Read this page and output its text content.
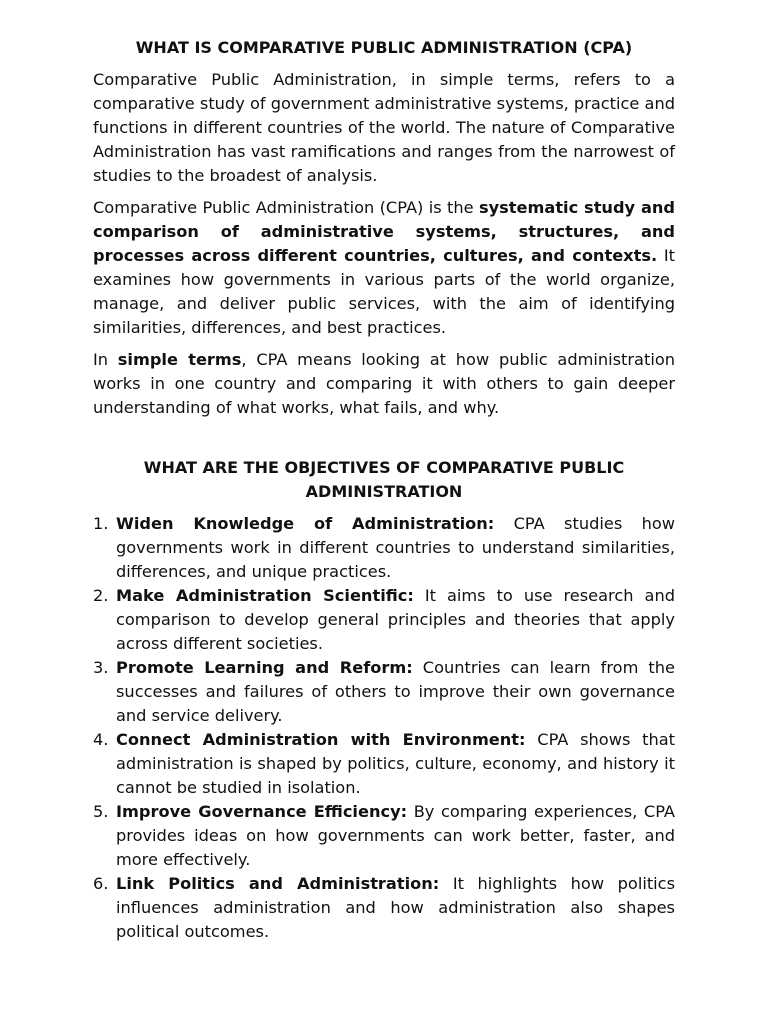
WHAT IS COMPARATIVE PUBLIC ADMINISTRATION (CPA)

Comparative Public Administration, in simple terms, refers to a comparative study of government administrative systems, practice and functions in different countries of the world. The nature of Comparative Administration has vast ramifications and ranges from the narrowest of studies to the broadest of analysis.

Comparative Public Administration (CPA) is the systematic study and comparison of administrative systems, structures, and processes across different countries, cultures, and contexts. It examines how governments in various parts of the world organize, manage, and deliver public services, with the aim of identifying similarities, differences, and best practices.

In simple terms, CPA means looking at how public administration works in one country and comparing it with others to gain deeper understanding of what works, what fails, and why.

WHAT ARE THE OBJECTIVES OF COMPARATIVE PUBLIC ADMINISTRATION
1. Widen Knowledge of Administration: CPA studies how governments work in different countries to understand similarities, differences, and unique practices.
2. Make Administration Scientific: It aims to use research and comparison to develop general principles and theories that apply across different societies.
3. Promote Learning and Reform: Countries can learn from the successes and failures of others to improve their own governance and service delivery.
4. Connect Administration with Environment: CPA shows that administration is shaped by politics, culture, economy, and history it cannot be studied in isolation.
5. Improve Governance Efficiency: By comparing experiences, CPA provides ideas on how governments can work better, faster, and more effectively.
6. Link Politics and Administration: It highlights how politics influences administration and how administration also shapes political outcomes.
